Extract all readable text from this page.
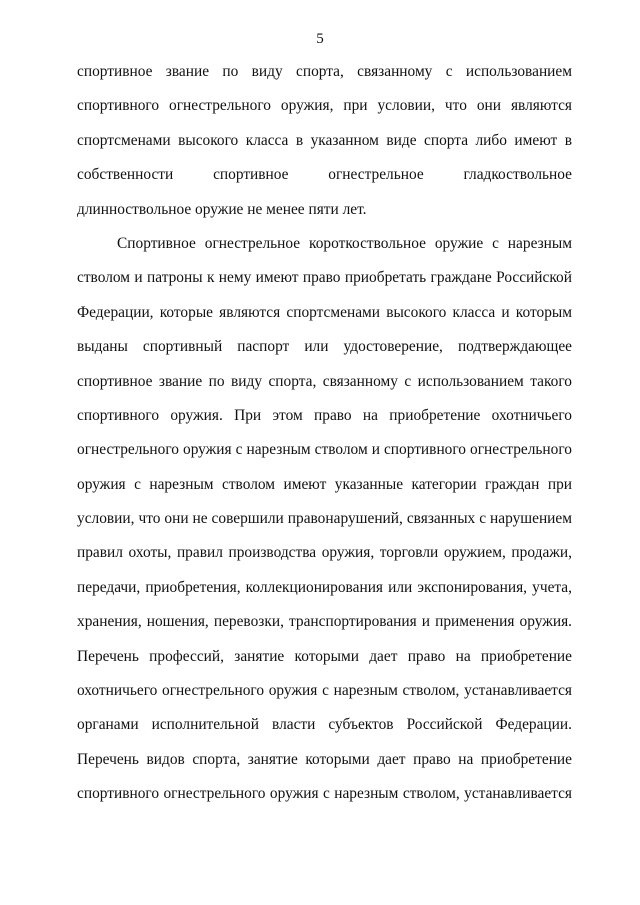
5
спортивное звание по виду спорта, связанному с использованием
спортивного огнестрельного оружия, при условии, что они являются
спортсменами высокого класса в указанном виде спорта либо имеют в
собственности спортивное огнестрельное гладкоствольное
длинноствольное оружие не менее пяти лет.
Спортивное огнестрельное короткоствольное оружие с нарезным
стволом и патроны к нему имеют право приобретать граждане Российской
Федерации, которые являются спортсменами высокого класса и которым
выданы спортивный паспорт или удостоверение, подтверждающее
спортивное звание по виду спорта, связанному с использованием такого
спортивного оружия. При этом право на приобретение охотничьего
огнестрельного оружия с нарезным стволом и спортивного огнестрельного
оружия с нарезным стволом имеют указанные категории граждан при
условии, что они не совершили правонарушений, связанных с нарушением
правил охоты, правил производства оружия, торговли оружием, продажи,
передачи, приобретения, коллекционирования или экспонирования, учета,
хранения, ношения, перевозки, транспортирования и применения оружия.
Перечень профессий, занятие которыми дает право на приобретение
охотничьего огнестрельного оружия с нарезным стволом, устанавливается
органами исполнительной власти субъектов Российской Федерации.
Перечень видов спорта, занятие которыми дает право на приобретение
спортивного огнестрельного оружия с нарезным стволом, устанавливается
